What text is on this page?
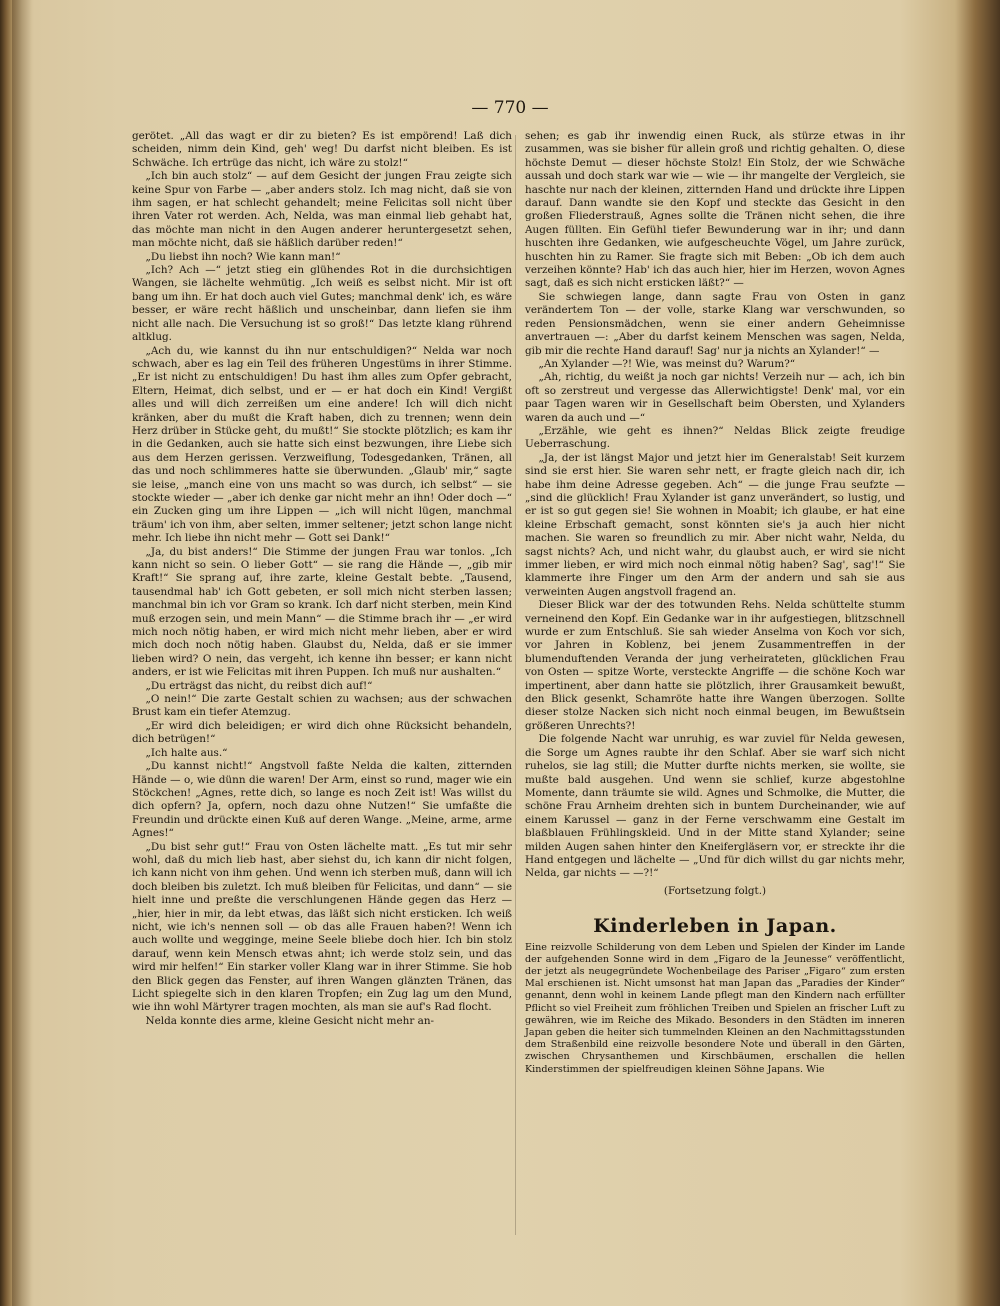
— 770 —

gerötet. „All das wagt er dir zu bieten? Es ist empörend! Laß dich scheiden, nimm dein Kind, geh' weg! Du darfst nicht bleiben. Es ist Schwäche. Ich ertrüge das nicht, ich wäre zu stolz!“

„Ich bin auch stolz“ — auf dem Gesicht der jungen Frau zeigte sich keine Spur von Farbe — „aber anders stolz. Ich mag nicht, daß sie von ihm sagen, er hat schlecht gehandelt; meine Felicitas soll nicht über ihren Vater rot werden. Ach, Nelda, was man einmal lieb gehabt hat, das möchte man nicht in den Augen anderer heruntergesetzt sehen, man möchte nicht, daß sie häßlich darüber reden!“

„Du liebst ihn noch? Wie kann man!“

„Ich? Ach —“ jetzt stieg ein glühendes Rot in die durchsichtigen Wangen, sie lächelte wehmütig. „Ich weiß es selbst nicht. Mir ist oft bang um ihn. Er hat doch auch viel Gutes; manchmal denk' ich, es wäre besser, er wäre recht häßlich und unscheinbar, dann liefen sie ihm nicht alle nach. Die Versuchung ist so groß!“ Das letzte klang rührend altklug.

„Ach du, wie kannst du ihn nur entschuldigen?“ Nelda war noch schwach, aber es lag ein Teil des früheren Ungestüms in ihrer Stimme. „Er ist nicht zu entschuldigen! Du hast ihm alles zum Opfer gebracht, Eltern, Heimat, dich selbst, und er — er hat doch ein Kind! Vergißt alles und will dich zerreißen um eine andere! Ich will dich nicht kränken, aber du mußt die Kraft haben, dich zu trennen; wenn dein Herz drüber in Stücke geht, du mußt!“ Sie stockte plötzlich; es kam ihr in die Gedanken, auch sie hatte sich einst bezwungen, ihre Liebe sich aus dem Herzen gerissen. Verzweiflung, Todesgedanken, Tränen, all das und noch schlimmeres hatte sie überwunden. „Glaub' mir,“ sagte sie leise, „manch eine von uns macht so was durch, ich selbst“ — sie stockte wieder — „aber ich denke gar nicht mehr an ihn! Oder doch —“ ein Zucken ging um ihre Lippen — „ich will nicht lügen, manchmal träum' ich von ihm, aber selten, immer seltener; jetzt schon lange nicht mehr. Ich liebe ihn nicht mehr — Gott sei Dank!“

„Ja, du bist anders!“ Die Stimme der jungen Frau war tonlos. „Ich kann nicht so sein. O lieber Gott“ — sie rang die Hände —, „gib mir Kraft!“ Sie sprang auf, ihre zarte, kleine Gestalt bebte. „Tausend, tausendmal hab' ich Gott gebeten, er soll mich nicht sterben lassen; manchmal bin ich vor Gram so krank. Ich darf nicht sterben, mein Kind muß erzogen sein, und mein Mann“ — die Stimme brach ihr — „er wird mich noch nötig haben, er wird mich nicht mehr lieben, aber er wird mich doch noch nötig haben. Glaubst du, Nelda, daß er sie immer lieben wird? O nein, das vergeht, ich kenne ihn besser; er kann nicht anders, er ist wie Felicitas mit ihren Puppen. Ich muß nur aushalten.“

„Du erträgst das nicht, du reibst dich auf!“

„O nein!“ Die zarte Gestalt schien zu wachsen; aus der schwachen Brust kam ein tiefer Atemzug.

„Er wird dich beleidigen; er wird dich ohne Rücksicht behandeln, dich betrügen!“

„Ich halte aus.“

„Du kannst nicht!“ Angstvoll faßte Nelda die kalten, zitternden Hände — o, wie dünn die waren! Der Arm, einst so rund, mager wie ein Stöckchen! „Agnes, rette dich, so lange es noch Zeit ist! Was willst du dich opfern? Ja, opfern, noch dazu ohne Nutzen!“ Sie umfaßte die Freundin und drückte einen Kuß auf deren Wange. „Meine, arme, arme Agnes!“

„Du bist sehr gut!“ Frau von Osten lächelte matt. „Es tut mir sehr wohl, daß du mich lieb hast, aber siehst du, ich kann dir nicht folgen, ich kann nicht von ihm gehen. Und wenn ich sterben muß, dann will ich doch bleiben bis zuletzt. Ich muß bleiben für Felicitas, und dann“ — sie hielt inne und preßte die verschlungenen Hände gegen das Herz — „hier, hier in mir, da lebt etwas, das läßt sich nicht ersticken. Ich weiß nicht, wie ich's nennen soll — ob das alle Frauen haben?! Wenn ich auch wollte und wegginge, meine Seele bliebe doch hier. Ich bin stolz darauf, wenn kein Mensch etwas ahnt; ich werde stolz sein, und das wird mir helfen!“ Ein starker voller Klang war in ihrer Stimme. Sie hob den Blick gegen das Fenster, auf ihren Wangen glänzten Tränen, das Licht spiegelte sich in den klaren Tropfen; ein Zug lag um den Mund, wie ihn wohl Märtyrer tragen mochten, als man sie auf's Rad flocht.

Nelda konnte dies arme, kleine Gesicht nicht mehr an-

sehen; es gab ihr inwendig einen Ruck, als stürze etwas in ihr zusammen, was sie bisher für allein groß und richtig gehalten. O, diese höchste Demut — dieser höchste Stolz! Ein Stolz, der wie Schwäche aussah und doch stark war wie — wie — ihr mangelte der Vergleich, sie haschte nur nach der kleinen, zitternden Hand und drückte ihre Lippen darauf. Dann wandte sie den Kopf und steckte das Gesicht in den großen Fliederstrauß, Agnes sollte die Tränen nicht sehen, die ihre Augen füllten. Ein Gefühl tiefer Bewunderung war in ihr; und dann huschten ihre Gedanken, wie aufgescheuchte Vögel, um Jahre zurück, huschten hin zu Ramer. Sie fragte sich mit Beben: „Ob ich dem auch verzeihen könnte? Hab' ich das auch hier, hier im Herzen, wovon Agnes sagt, daß es sich nicht ersticken läßt?“ —

Sie schwiegen lange, dann sagte Frau von Osten in ganz verändertem Ton — der volle, starke Klang war verschwunden, so reden Pensionsmädchen, wenn sie einer andern Geheimnisse anvertrauen —: „Aber du darfst keinem Menschen was sagen, Nelda, gib mir die rechte Hand darauf! Sag' nur ja nichts an Xylander!“ —

„An Xylander —?! Wie, was meinst du? Warum?“

„Ah, richtig, du weißt ja noch gar nichts! Verzeih nur — ach, ich bin oft so zerstreut und vergesse das Allerwichtigste! Denk' mal, vor ein paar Tagen waren wir in Gesellschaft beim Obersten, und Xylanders waren da auch und —“

„Erzähle, wie geht es ihnen?“ Neldas Blick zeigte freudige Ueberraschung.

„Ja, der ist längst Major und jetzt hier im Generalstab! Seit kurzem sind sie erst hier. Sie waren sehr nett, er fragte gleich nach dir, ich habe ihm deine Adresse gegeben. Ach“ — die junge Frau seufzte — „sind die glücklich! Frau Xylander ist ganz unverändert, so lustig, und er ist so gut gegen sie! Sie wohnen in Moabit; ich glaube, er hat eine kleine Erbschaft gemacht, sonst könnten sie's ja auch hier nicht machen. Sie waren so freundlich zu mir. Aber nicht wahr, Nelda, du sagst nichts? Ach, und nicht wahr, du glaubst auch, er wird sie nicht immer lieben, er wird mich noch einmal nötig haben? Sag', sag'!“ Sie klammerte ihre Finger um den Arm der andern und sah sie aus verweinten Augen angstvoll fragend an.

Dieser Blick war der des totwunden Rehs. Nelda schüttelte stumm verneinend den Kopf. Ein Gedanke war in ihr aufgestiegen, blitzschnell wurde er zum Entschluß. Sie sah wieder Anselma von Koch vor sich, vor Jahren in Koblenz, bei jenem Zusammentreffen in der blumenduftenden Veranda der jung verheirateten, glücklichen Frau von Osten — spitze Worte, versteckte Angriffe — die schöne Koch war impertinent, aber dann hatte sie plötzlich, ihrer Grausamkeit bewußt, den Blick gesenkt, Schamröte hatte ihre Wangen überzogen. Sollte dieser stolze Nacken sich nicht noch einmal beugen, im Bewußtsein größeren Unrechts?!

Die folgende Nacht war unruhig, es war zuviel für Nelda gewesen, die Sorge um Agnes raubte ihr den Schlaf. Aber sie warf sich nicht ruhelos, sie lag still; die Mutter durfte nichts merken, sie wollte, sie mußte bald ausgehen. Und wenn sie schlief, kurze abgestohlne Momente, dann träumte sie wild. Agnes und Schmolke, die Mutter, die schöne Frau Arnheim drehten sich in buntem Durcheinander, wie auf einem Karussel — ganz in der Ferne verschwamm eine Gestalt im blaßblauen Frühlingskleid. Und in der Mitte stand Xylander; seine milden Augen sahen hinter den Kneifergläsern vor, er streckte ihr die Hand entgegen und lächelte — „Und für dich willst du gar nichts mehr, Nelda, gar nichts — —?!“

(Fortsetzung folgt.)
Kinderleben in Japan.

Eine reizvolle Schilderung von dem Leben und Spielen der Kinder im Lande der aufgehenden Sonne wird in dem „Figaro de la Jeunesse“ veröffentlicht, der jetzt als neugegründete Wochenbeilage des Pariser „Figaro“ zum ersten Mal erschienen ist. Nicht umsonst hat man Japan das „Paradies der Kinder“ genannt, denn wohl in keinem Lande pflegt man den Kindern nach erfüllter Pflicht so viel Freiheit zum fröhlichen Treiben und Spielen an frischer Luft zu gewähren, wie im Reiche des Mikado. Besonders in den Städten im inneren Japan geben die heiter sich tummelnden Kleinen an den Nachmittagsstunden dem Straßenbild eine reizvolle besondere Note und überall in den Gärten, zwischen Chrysanthemen und Kirschbäumen, erschallen die hellen Kinderstimmen der spielfreudigen kleinen Söhne Japans. Wie
